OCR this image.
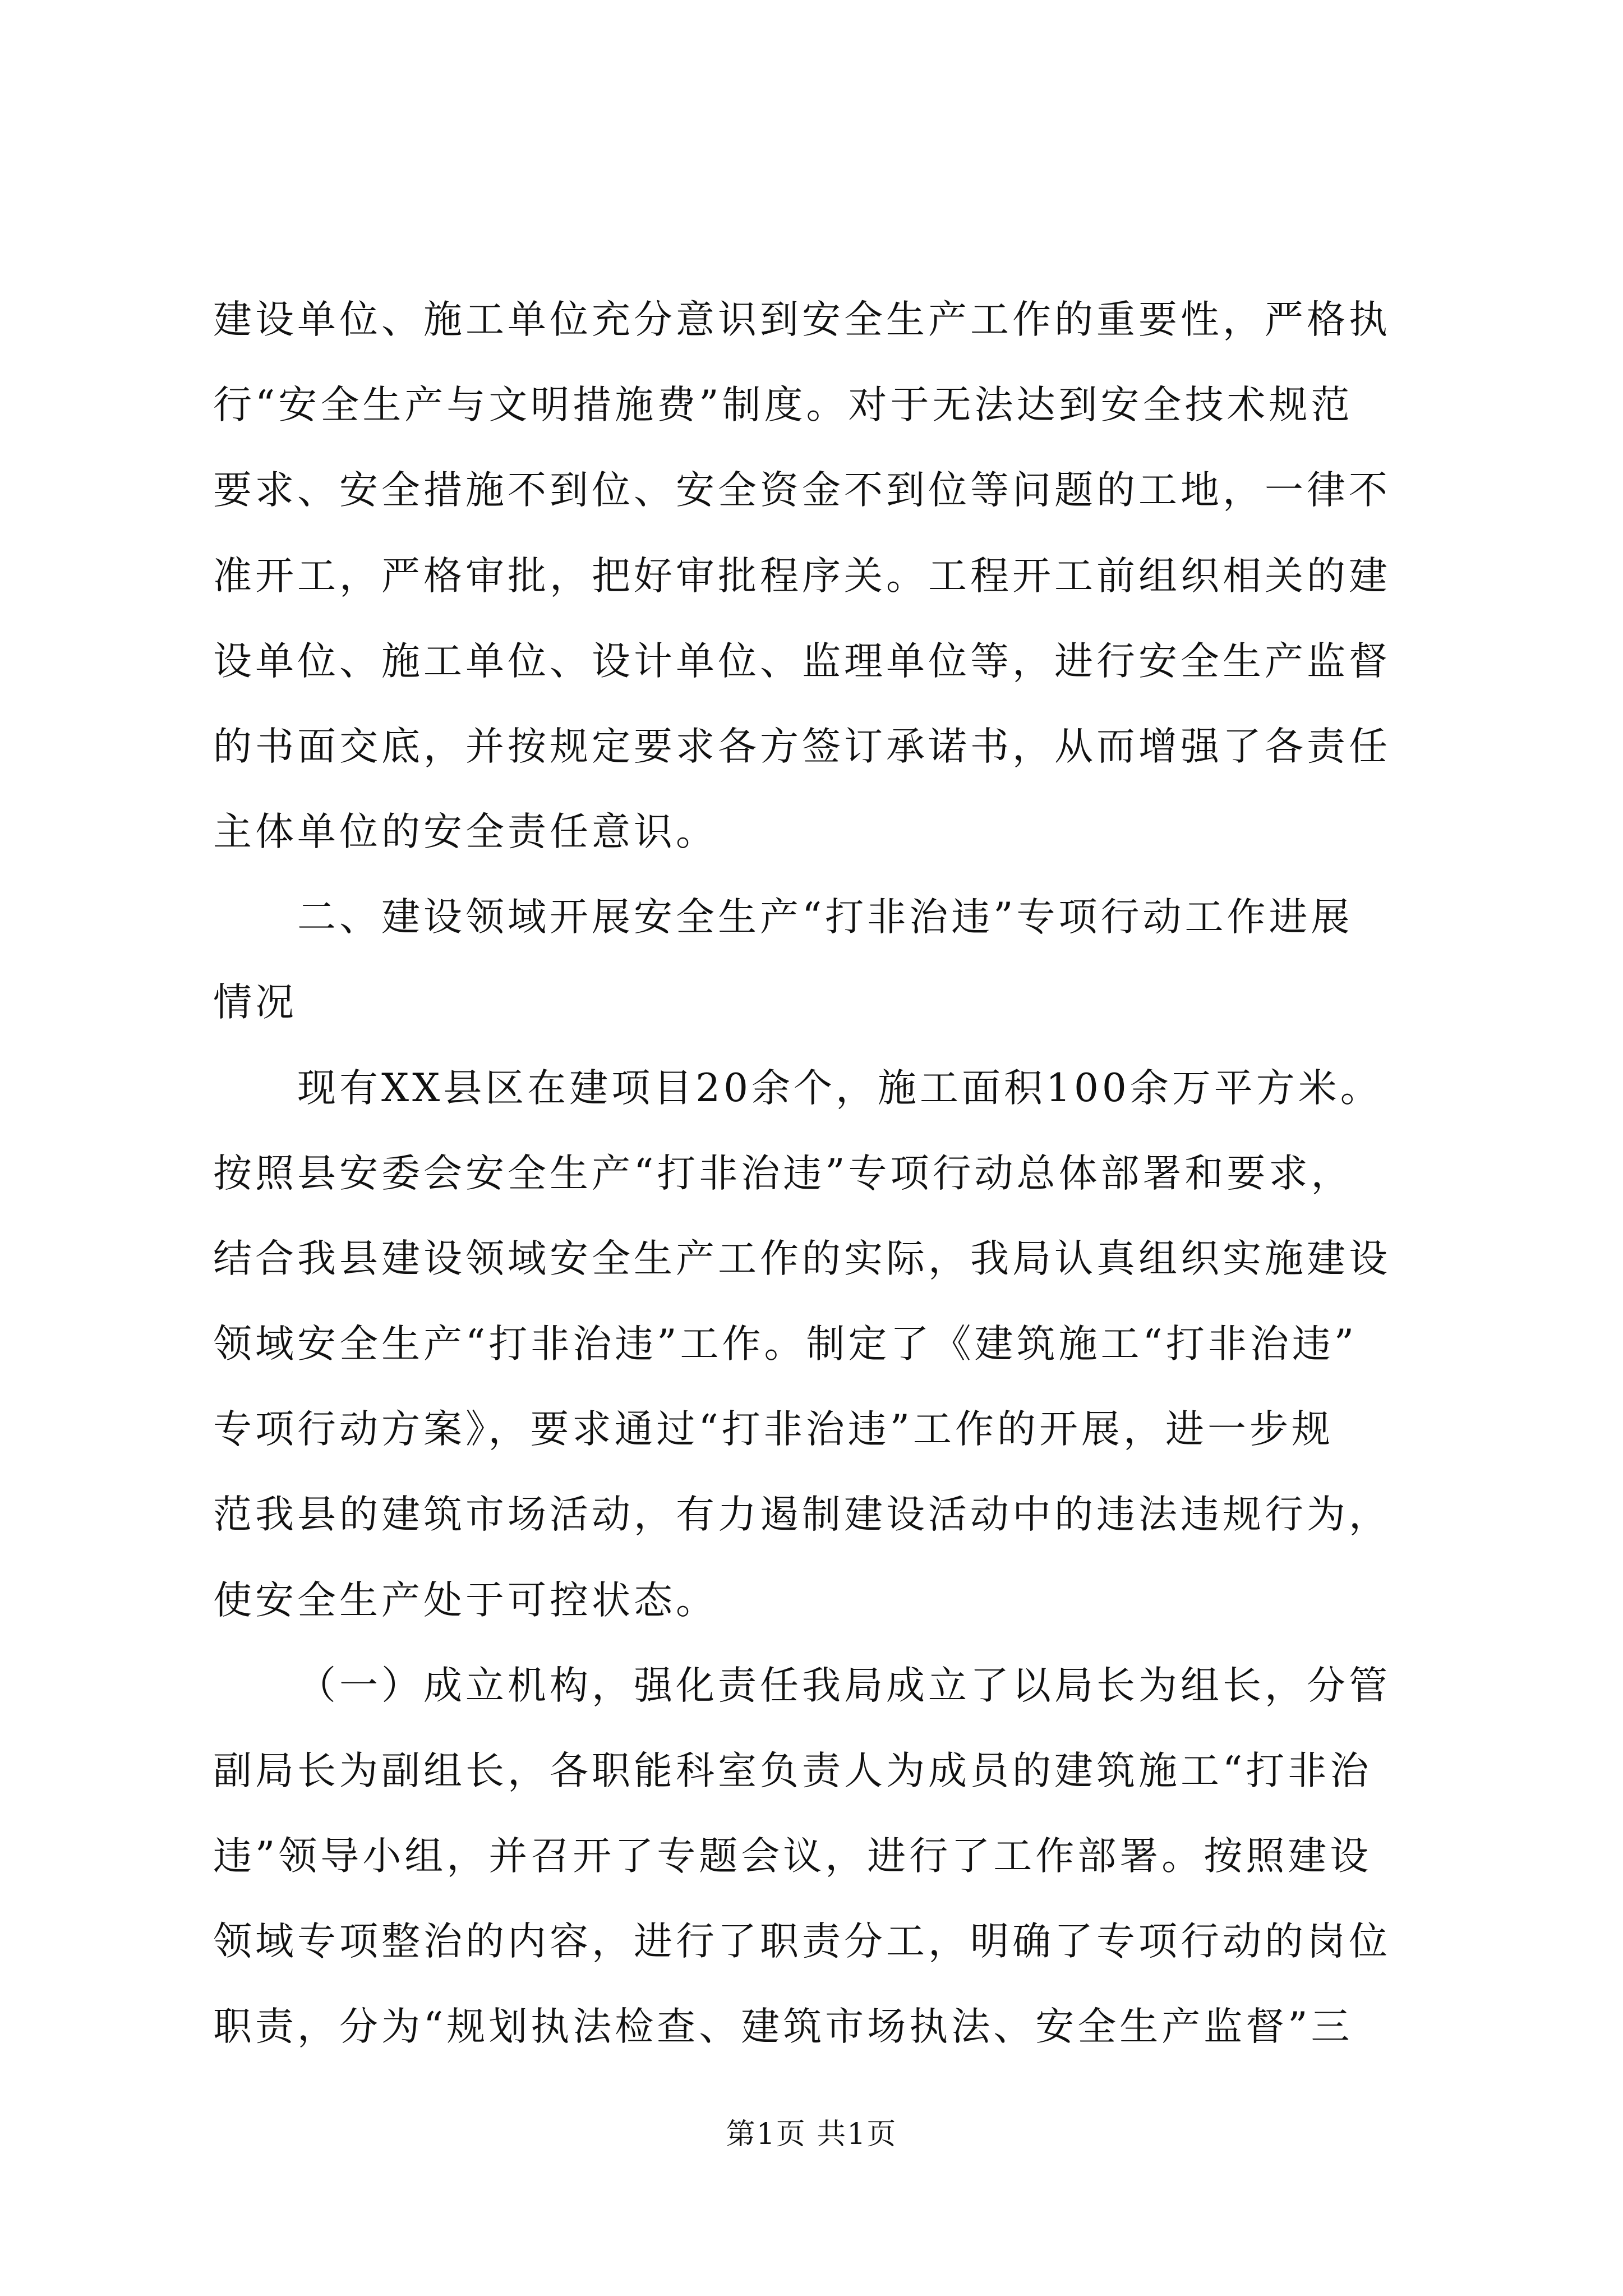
建设单位、施工单位充分意识到安全生产工作的重要性，严格执
行“安全生产与文明措施费”制度。对于无法达到安全技术规范
要求、安全措施不到位、安全资金不到位等问题的工地，一律不
准开工，严格审批，把好审批程序关。工程开工前组织相关的建
设单位、施工单位、设计单位、监理单位等，进行安全生产监督
的书面交底，并按规定要求各方签订承诺书，从而增强了各责任
主体单位的安全责任意识。
二、建设领域开展安全生产“打非治违”专项行动工作进展
情况
现有XX县区在建项目20余个，施工面积100余万平方米。
按照县安委会安全生产“打非治违”专项行动总体部署和要求，
结合我县建设领域安全生产工作的实际，我局认真组织实施建设
领域安全生产“打非治违”工作。制定了《建筑施工“打非治违”
专项行动方案》，要求通过“打非治违”工作的开展，进一步规
范我县的建筑市场活动，有力遏制建设活动中的违法违规行为，
使安全生产处于可控状态。
（一）成立机构，强化责任我局成立了以局长为组长，分管
副局长为副组长，各职能科室负责人为成员的建筑施工“打非治
违”领导小组，并召开了专题会议，进行了工作部署。按照建设
领域专项整治的内容，进行了职责分工，明确了专项行动的岗位
职责，分为“规划执法检查、建筑市场执法、安全生产监督”三
第1页 共1页
